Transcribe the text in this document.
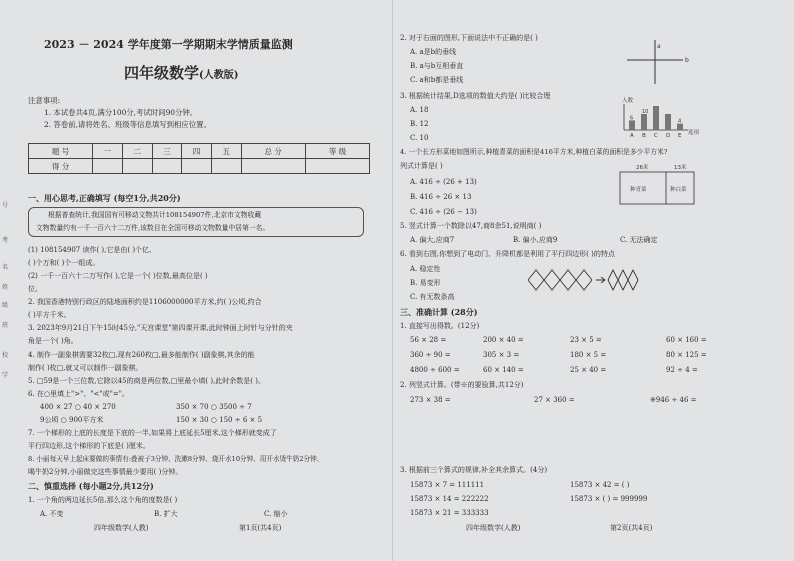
号
考
名
姓
级
班
校
学
2023 － 2024 学年度第一学期期末学情质量监测
四年级数学(人教版)
注意事项:
1. 本试卷共4页,满分100分,考试时间90分钟。
2. 答卷前,请将姓名、班级等信息填写到相应位置。
题 号	一	二	三	四	五	总 分	等 级
得 分							
一、用心思考,正确填写 (每空1分,共20分)
根据普查统计,我国国有可移动文物共计108154907件,北京市文物收藏
文物数量约有一千一百六十二万件,该数目在全国可移动文物数量中居第一名。
(1) 108154907 读作( ),它是由( )个亿、
( )个万和( )个一组成。
(2) 一千一百六十二万写作( ),它是一个( )位数,最高位是( )
位。
2. 我国香港特别行政区的陆地面积约是1106000000平方米,约( )公顷,约合
( )平方千米。
3. 2023年9月21日下午15时45分,"天宫课堂"第四课开课,此时钟面上时针与分针的夹
角是一个( )角。
4. 制作一副象棋需要32枚□,现有260枚□,最多能制作( )副象棋,其余的能
制作( )枚□,就又可以制作一副象棋。
5. □59是一个三位数,它除以45的商是两位数,□里最小填( ),此时余数是( )。
6. 在○里填上">"、"<"或"="。
400 × 27 ○ 40 × 270	350 × 70 ○ 3500 ÷ 7
9公顷 ○ 900平方米	150 × 30 ○ 150 ÷ 6 × 5
7. 一个梯形的上底的长度是下底的一半,如果将上底延长5厘米,这个梯形就变成了
平行四边形,这个梯形的下底是( )厘米。
8. 小丽每天早上起床要做的事情有:叠被子3分钟、洗漱8分钟、烧开水10分钟、用开水烫牛奶2分钟、
喝牛奶2分钟,小丽做完这些事情最少要用( )分钟。
二、慎重选择 (每小题2分,共12分)
1. 一个角的两边延长5倍,那么这个角的度数是( )
A. 不变	B. 扩大	C. 缩小
四年级数学(人教)	第1页(共4页)
2. 对于右面的图形,下面说法中不正确的是( )
A. a是b的垂线
B. a与b互相垂直
C. a和b都是垂线
a
b
3. 根据统计结果,D选项的数值大约是( )比较合理
A. 18
B. 12
C. 10
人数
选项
A
6
B
10
C D E
4
4. 一个长方形菜地如图所示,种植青菜的面积是416平方米,种植白菜的面积是多少平方米?
列式计算是( )
A. 416 ÷ (26 + 13)
B. 416 ÷ 26 × 13
C. 416 ÷ (26 − 13)
26米	13米
种青菜	种白菜
5. 竖式计算一个数除以47,商8余51,说明商( )
A. 偏大,应商7	B. 偏小,应商9	C. 无法确定
6. 看到右图,你想到了电动门、升降机都是利用了平行四边形( )的特点
A. 稳定性
B. 易变形
C. 有无数条高
三、准确计算 (28分)
1. 直接写出得数。(12分)
56 × 28 =	200 × 40 =	23 × 5 =	60 × 160 =
360 ÷ 90 =	305 × 3 =	180 × 5 =	80 × 125 =
4800 ÷ 600 =	60 × 140 =	25 × 40 =	92 ÷ 4 =
2. 列竖式计算。(带※的要验算,共12分)
273 × 38 =	27 × 360 =	※946 ÷ 46 =
3. 根据前三个算式的规律,补全其余算式。(4分)
15873 × 7 = 111111	15873 × 42 = ( )
15873 × 14 = 222222	15873 × ( ) = 999999
15873 × 21 = 333333
四年级数学(人教)	第2页(共4页)
